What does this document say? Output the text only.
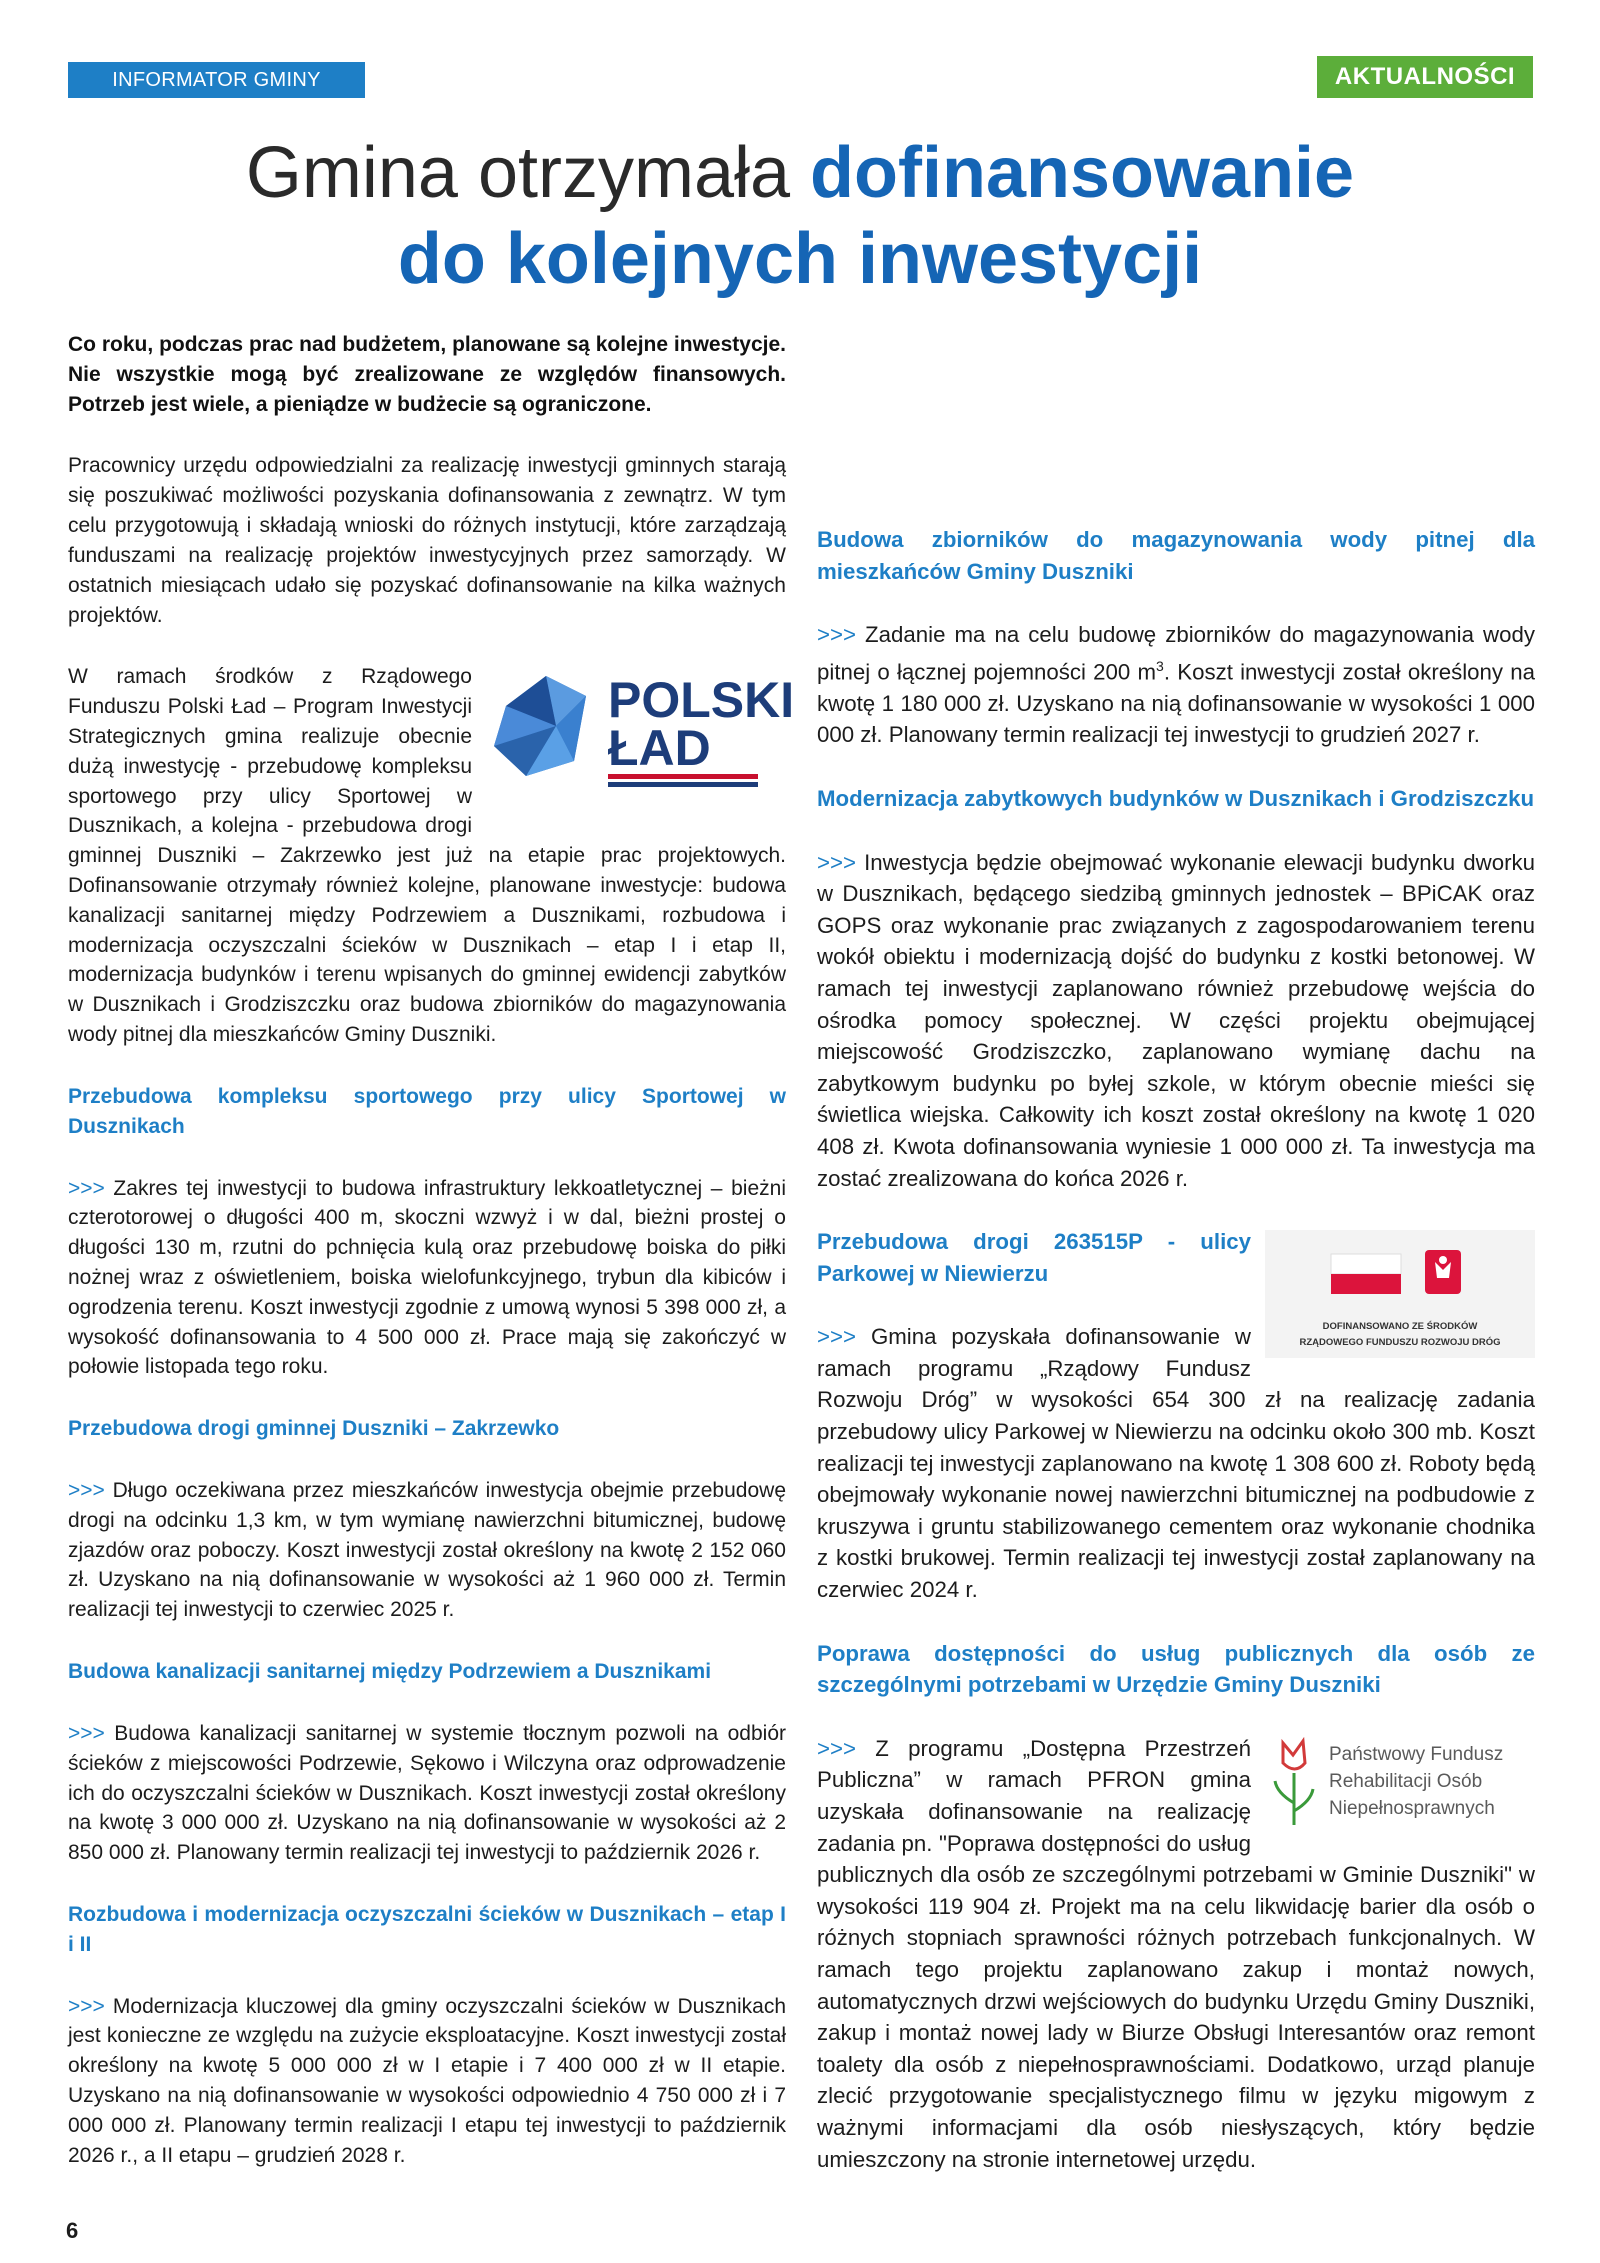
INFORMATOR GMINY DUSZNIKI
AKTUALNOŚCI
Gmina otrzymała dofinansowanie
do kolejnych inwestycji

Co roku, podczas prac nad budżetem, planowane są kolejne inwestycje. Nie wszystkie mogą być zrealizowane ze względów finansowych. Potrzeb jest wiele, a pieniądze w budżecie są ograniczone.

Pracownicy urzędu odpowiedzialni za realizację inwestycji gminnych starają się poszukiwać możliwości pozyskania dofinansowania z zewnątrz. W tym celu przygotowują i składają wnioski do różnych instytucji, które zarządzają funduszami na realizację projektów inwestycyjnych przez samorządy. W ostatnich miesiącach udało się pozyskać dofinansowanie na kilka ważnych projektów.

POLSKI
ŁAD
W ramach środków z Rządowego Funduszu Polski Ład – Program Inwestycji Strategicznych gmina realizuje obecnie dużą inwestycję - przebudowę kompleksu sportowego przy ulicy Sportowej w Dusznikach, a kolejna - przebudowa drogi gminnej Duszniki – Zakrzewko jest już na etapie prac projektowych. Dofinansowanie otrzymały również kolejne, planowane inwestycje: budowa kanalizacji sanitarnej między Podrzewiem a Dusznikami, rozbudowa i modernizacja oczyszczalni ścieków w Dusznikach – etap I i etap II, modernizacja budynków i terenu wpisanych do gminnej ewidencji zabytków w Dusznikach i Grodziszczku oraz budowa zbiorników do magazynowania wody pitnej dla mieszkańców Gminy Duszniki.

Przebudowa kompleksu sportowego przy ulicy Sportowej w Dusznikach

>>> Zakres tej inwestycji to budowa infrastruktury lekkoatletycznej – bieżni czterotorowej o długości 400 m, skoczni wzwyż i w dal, bieżni prostej o długości 130 m, rzutni do pchnięcia kulą oraz przebudowę boiska do piłki nożnej wraz z oświetleniem, boiska wielofunkcyjnego, trybun dla kibiców i ogrodzenia terenu. Koszt inwestycji zgodnie z umową wynosi 5 398 000 zł, a wysokość dofinansowania to 4 500 000 zł. Prace mają się zakończyć w połowie listopada tego roku.

Przebudowa drogi gminnej Duszniki – Zakrzewko

>>> Długo oczekiwana przez mieszkańców inwestycja obejmie przebudowę drogi na odcinku 1,3 km, w tym wymianę nawierzchni bitumicznej, budowę zjazdów oraz poboczy. Koszt inwestycji został określony na kwotę 2 152 060 zł. Uzyskano na nią dofinansowanie w wysokości aż 1 960 000 zł. Termin realizacji tej inwestycji to czerwiec 2025 r.

Budowa kanalizacji sanitarnej między Podrzewiem a Dusznikami

>>> Budowa kanalizacji sanitarnej w systemie tłocznym pozwoli na odbiór ścieków z miejscowości Podrzewie, Sękowo i Wilczyna oraz odprowadzenie ich do oczyszczalni ścieków w Dusznikach. Koszt inwestycji został określony na kwotę 3 000 000 zł. Uzyskano na nią dofinansowanie w wysokości aż 2 850 000 zł. Planowany termin realizacji tej inwestycji to październik 2026 r.

Rozbudowa i modernizacja oczyszczalni ścieków w Dusznikach – etap I i II

>>> Modernizacja kluczowej dla gminy oczyszczalni ścieków w Dusznikach jest konieczne ze względu na zużycie eksploatacyjne. Koszt inwestycji został określony na kwotę 5 000 000 zł w I etapie i 7 400 000 zł w II etapie. Uzyskano na nią dofinansowanie w wysokości odpowiednio 4 750 000 zł i 7 000 000 zł. Planowany termin realizacji I etapu tej inwestycji to październik 2026 r., a II etapu – grudzień 2028 r.

Budowa zbiorników do magazynowania wody pitnej dla mieszkańców Gminy Duszniki

>>> Zadanie ma na celu budowę zbiorników do magazynowania wody pitnej o łącznej pojemności 200 $m^3$. Koszt inwestycji został określony na kwotę 1 180 000 zł. Uzyskano na nią dofinansowanie w wysokości 1 000 000 zł. Planowany termin realizacji tej inwestycji to grudzień 2027 r.

Modernizacja zabytkowych budynków w Dusznikach i Grodziszczku

>>> Inwestycja będzie obejmować wykonanie elewacji budynku dworku w Dusznikach, będącego siedzibą gminnych jednostek – BPiCAK oraz GOPS oraz wykonanie prac związanych z zagospodarowaniem terenu wokół obiektu i modernizacją dojść do budynku z kostki betonowej. W ramach tej inwestycji zaplanowano również przebudowę wejścia do ośrodka pomocy społecznej. W części projektu obejmującej miejscowość Grodziszczko, zaplanowano wymianę dachu na zabytkowym budynku po byłej szkole, w którym obecnie mieści się świetlica wiejska. Całkowity ich koszt został określony na kwotę 1 020 408 zł. Kwota dofinansowania wyniesie 1 000 000 zł. Ta inwestycja ma zostać zrealizowana do końca 2026 r.

DOFINANSOWANO ZE ŚRODKÓW
RZĄDOWEGO FUNDUSZU ROZWOJU DRÓG

Przebudowa drogi 263515P - ulicy Parkowej w Niewierzu

>>> Gmina pozyskała dofinansowanie w ramach programu „Rządowy Fundusz Rozwoju Dróg” w wysokości 654 300 zł na realizację zadania przebudowy ulicy Parkowej w Niewierzu na odcinku około 300 mb. Koszt realizacji tej inwestycji zaplanowano na kwotę 1 308 600 zł. Roboty będą obejmowały wykonanie nowej nawierzchni bitumicznej na podbudowie z kruszywa i gruntu stabilizowanego cementem oraz wykonanie chodnika z kostki brukowej. Termin realizacji tej inwestycji został zaplanowany na czerwiec 2024 r.

Poprawa dostępności do usług publicznych dla osób ze szczególnymi potrzebami w Urzędzie Gminy Duszniki

Państwowy Fundusz
Rehabilitacji Osób
Niepełnosprawnych

>>> Z programu „Dostępna Przestrzeń Publiczna” w ramach PFRON gmina uzyskała dofinansowanie na realizację zadania pn. "Poprawa dostępności do usług publicznych dla osób ze szczególnymi potrzebami w Gminie Duszniki" w wysokości 119 904 zł. Projekt ma na celu likwidację barier dla osób o różnych stopniach sprawności różnych potrzebach funkcjonalnych. W ramach tego projektu zaplanowano zakup i montaż nowych, automatycznych drzwi wejściowych do budynku Urzędu Gminy Duszniki, zakup i montaż nowej lady w Biurze Obsługi Interesantów oraz remont toalety dla osób z niepełnosprawnościami. Dodatkowo, urząd planuje zlecić przygotowanie specjalistycznego filmu w języku migowym z ważnymi informacjami dla osób niesłyszących, który będzie umieszczony na stronie internetowej urzędu.

6
